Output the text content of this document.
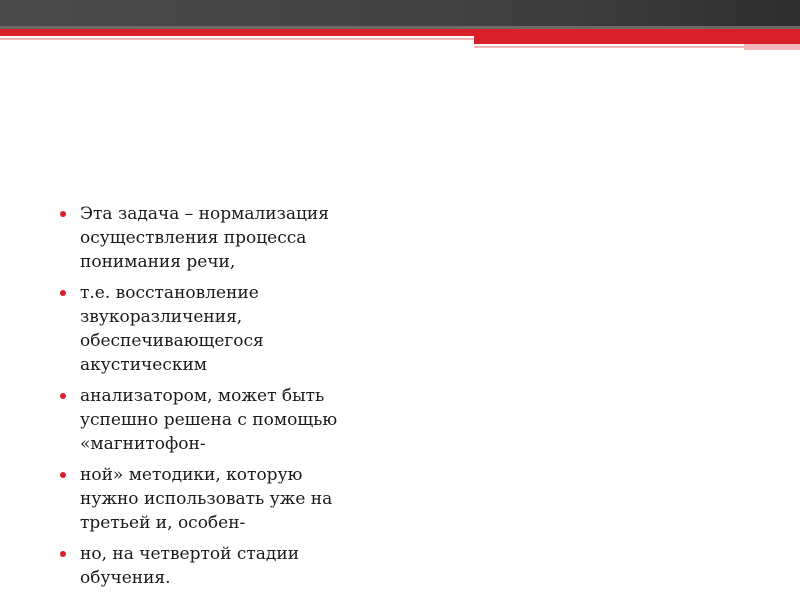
Эта задача – нормализация
осуществления процесса
понимания речи,
т.е. восстановление
звукоразличения,
обеспечивающегося
акустическим
анализатором, может быть
успешно решена с помощью
«магнитофон-
ной» методики, которую
нужно использовать уже на
третьей и, особен-
но, на четвертой стадии
обучения.
